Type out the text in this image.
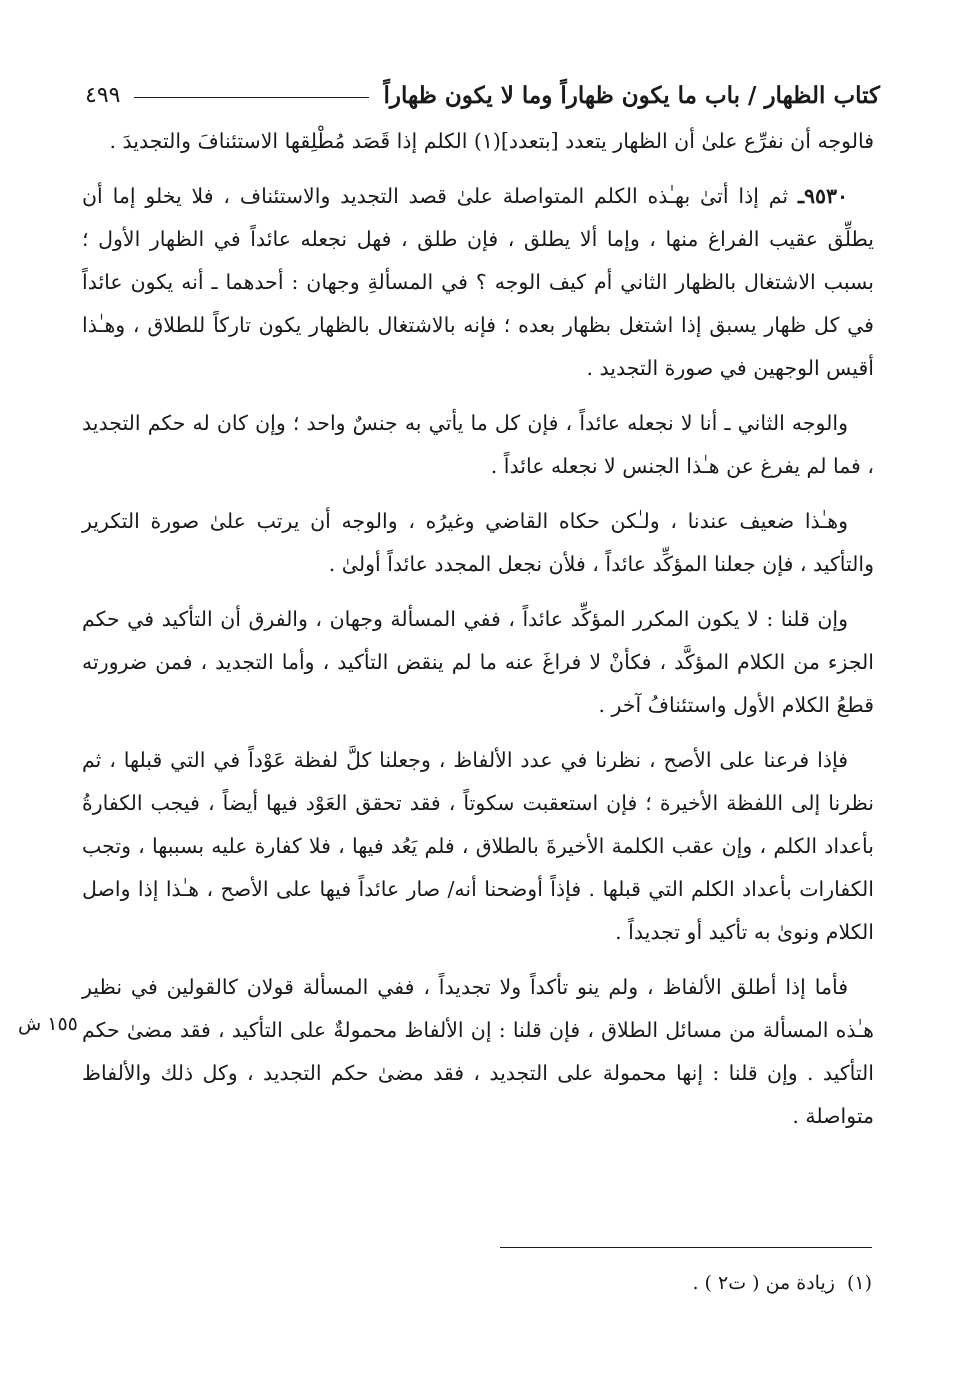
كتاب الظهار / باب ما يكون ظهاراً وما لا يكون ظهاراً
٤٩٩

فالوجه أن نفرِّع علىٰ أن الظهار يتعدد [بتعدد](١) الكلم إذا قَصَد مُطْلِقها الاستئنافَ والتجديدَ .

٩٥٣٠ـ ثم إذا أتىٰ بهـٰذه الكلم المتواصلة علىٰ قصد التجديد والاستئناف ، فلا يخلو إما أن يطلِّق عقيب الفراغ منها ، وإما ألا يطلق ، فإن طلق ، فهل نجعله عائداً في الظهار الأول ؛ بسبب الاشتغال بالظهار الثاني أم كيف الوجه ؟ في المسألةِ وجهان : أحدهما ـ أنه يكون عائداً في كل ظهار يسبق إذا اشتغل بظهار بعده ؛ فإنه بالاشتغال بالظهار يكون تاركاً للطلاق ، وهـٰذا أقيس الوجهين في صورة التجديد .

والوجه الثاني ـ أنا لا نجعله عائداً ، فإن كل ما يأتي به جنسٌ واحد ؛ وإن كان له حكم التجديد ، فما لم يفرغ عن هـٰذا الجنس لا نجعله عائداً .

وهـٰذا ضعيف عندنا ، ولـٰكن حكاه القاضي وغيرُه ، والوجه أن يرتب علىٰ صورة التكرير والتأكيد ، فإن جعلنا المؤكِّد عائداً ، فلأن نجعل المجدد عائداً أولىٰ .

وإن قلنا : لا يكون المكرر المؤكِّد عائداً ، ففي المسألة وجهان ، والفرق أن التأكيد في حكم الجزء من الكلام المؤكَّد ، فكأنْ لا فراغَ عنه ما لم ينقض التأكيد ، وأما التجديد ، فمن ضرورته قطعُ الكلام الأول واستئنافُ آخر .

فإذا فرعنا على الأصح ، نظرنا في عدد الألفاظ ، وجعلنا كلَّ لفظة عَوْداً في التي قبلها ، ثم نظرنا إلى اللفظة الأخيرة ؛ فإن استعقبت سكوتاً ، فقد تحقق العَوْد فيها أيضاً ، فيجب الكفارةُ بأعداد الكلم ، وإن عقب الكلمة الأخيرةَ بالطلاق ، فلم يَعُد فيها ، فلا كفارة عليه بسببها ، وتجب الكفارات بأعداد الكلم التي قبلها . فإذاً أوضحنا أنه/ صار عائداً فيها على الأصح ، هـٰذا إذا واصل الكلام ونوىٰ به تأكيد أو تجديداً .

فأما إذا أطلق الألفاظ ، ولم ينو تأكداً ولا تجديداً ، ففي المسألة قولان كالقولين في نظير هـٰذه المسألة من مسائل الطلاق ، فإن قلنا : إن الألفاظ محمولةٌ على التأكيد ، فقد مضىٰ حكم التأكيد . وإن قلنا : إنها محمولة على التجديد ، فقد مضىٰ حكم التجديد ، وكل ذلك والألفاظ متواصلة .

١٥٥ ش
(١)زيادة من ( ت٢ ) .
